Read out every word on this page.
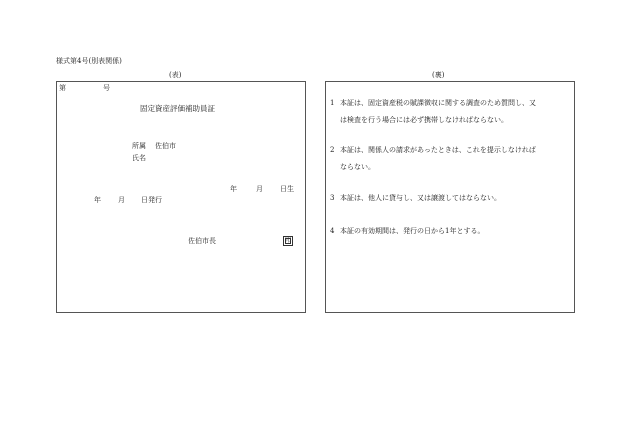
様式第4号(別表関係)
(表)	(裏)
第	号
固定資産評価補助員証
所属 佐伯市
氏名
年	月 日生
年 月 日発行
佐伯市長	印
1 本証は、固定資産税の賦課徴収に関する調査のため質問し、又
は検査を行う場合には必ず携帯しなければならない。
2 本証は、関係人の請求があったときは、これを提示しなければ
ならない。
3 本証は、他人に貸与し、又は譲渡してはならない。
4 本証の有効期間は、発行の日から1年とする。
